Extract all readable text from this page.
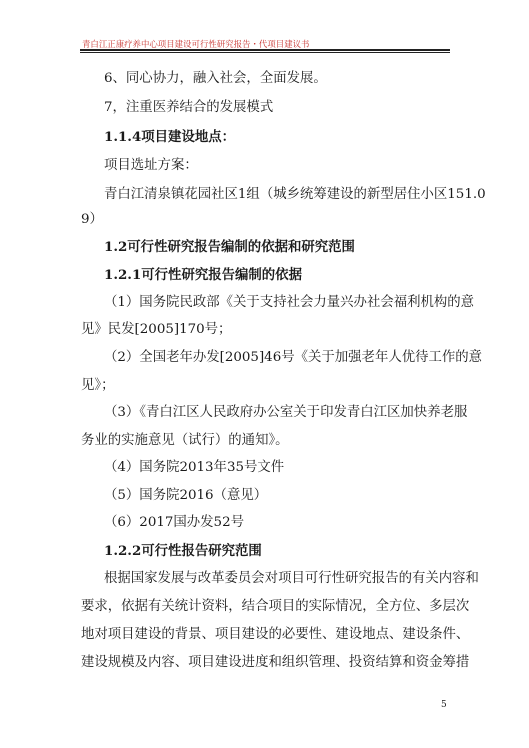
青白江正康疗养中心项目建设可行性研究报告・代项目建议书
6、同心协力，融入社会，全面发展。
7，注重医养结合的发展模式
1.1.4项目建设地点：
项目选址方案：
青白江清泉镇花园社区1组（城乡统筹建设的新型居住小区151.0
9）
1.2可行性研究报告编制的依据和研究范围
1.2.1可行性研究报告编制的依据
（1）国务院民政部《关于支持社会力量兴办社会福利机构的意
见》民发[2005]170号；
（2）全国老年办发[2005]46号《关于加强老年人优待工作的意
见》；
（3）《青白江区人民政府办公室关于印发青白江区加快养老服
务业的实施意见（试行）的通知》。
（4）国务院2013年35号文件
（5）国务院2016（意见）
（6）2017国办发52号
1.2.2可行性报告研究范围
根据国家发展与改革委员会对项目可行性研究报告的有关内容和
要求，依据有关统计资料，结合项目的实际情况，全方位、多层次
地对项目建设的背景、项目建设的必要性、建设地点、建设条件、
建设规模及内容、项目建设进度和组织管理、投资结算和资金筹措
5
